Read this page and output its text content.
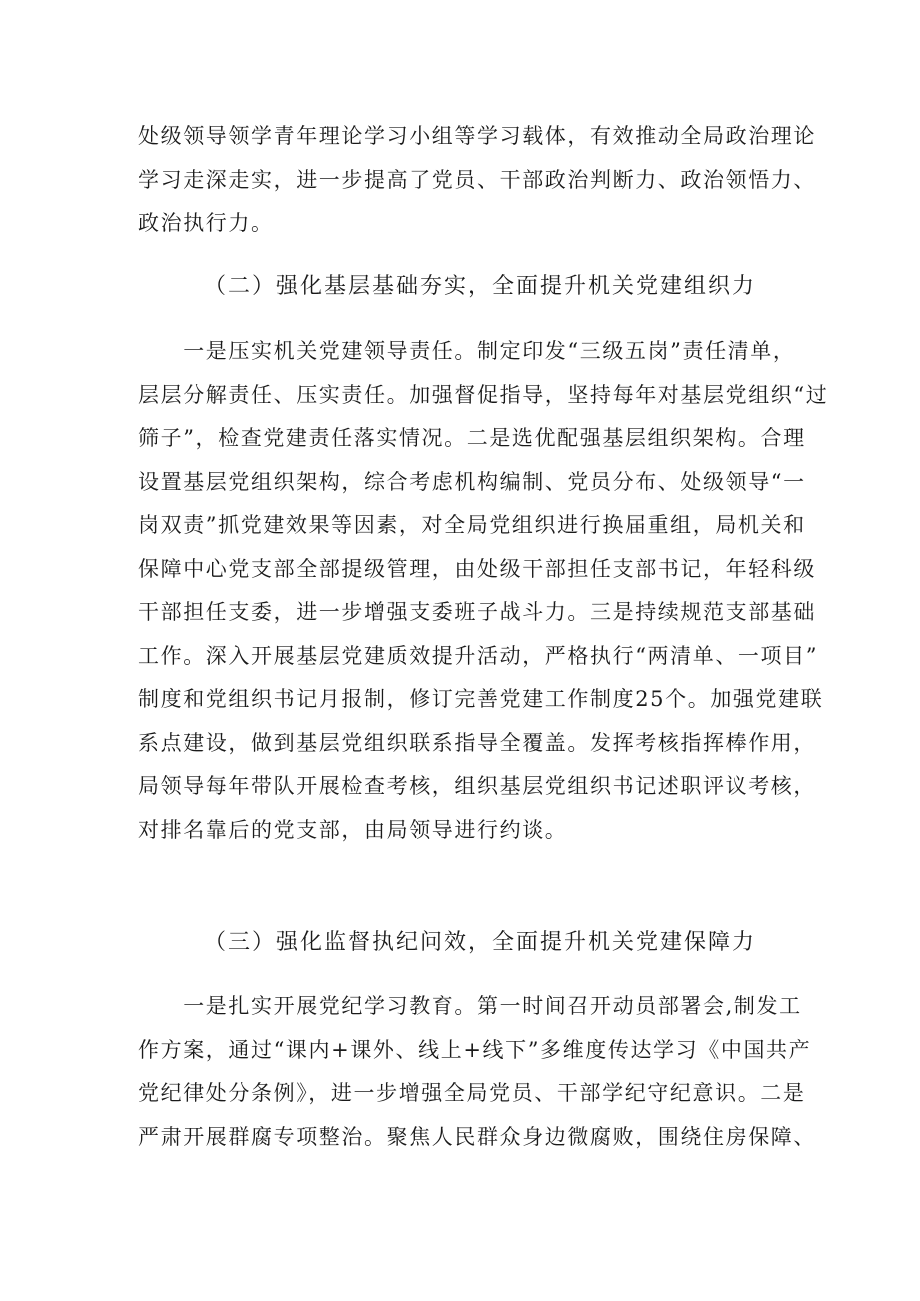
处级领导领学青年理论学习小组等学习载体，有效推动全局政治理论
学习走深走实，进一步提高了党员、干部政治判断力、政治领悟力、
政治执行力。
（二）强化基层基础夯实，全面提升机关党建组织力
　　一是压实机关党建领导责任。制定印发“三级五岗”责任清单，
层层分解责任、压实责任。加强督促指导，坚持每年对基层党组织“过
筛子”，检查党建责任落实情况。二是选优配强基层组织架构。合理
设置基层党组织架构，综合考虑机构编制、党员分布、处级领导“一
岗双责”抓党建效果等因素，对全局党组织进行换届重组，局机关和
保障中心党支部全部提级管理，由处级干部担任支部书记，年轻科级
干部担任支委，进一步增强支委班子战斗力。三是持续规范支部基础
工作。深入开展基层党建质效提升活动，严格执行“两清单、一项目”
制度和党组织书记月报制，修订完善党建工作制度25个。加强党建联
系点建设，做到基层党组织联系指导全覆盖。发挥考核指挥棒作用，
局领导每年带队开展检查考核，组织基层党组织书记述职评议考核，
对排名靠后的党支部，由局领导进行约谈。
（三）强化监督执纪问效，全面提升机关党建保障力
　　一是扎实开展党纪学习教育。第一时间召开动员部署会,制发工
作方案，通过“课内+课外、线上+线下”多维度传达学习《中国共产
党纪律处分条例》，进一步增强全局党员、干部学纪守纪意识。二是
严肃开展群腐专项整治。聚焦人民群众身边微腐败，围绕住房保障、
